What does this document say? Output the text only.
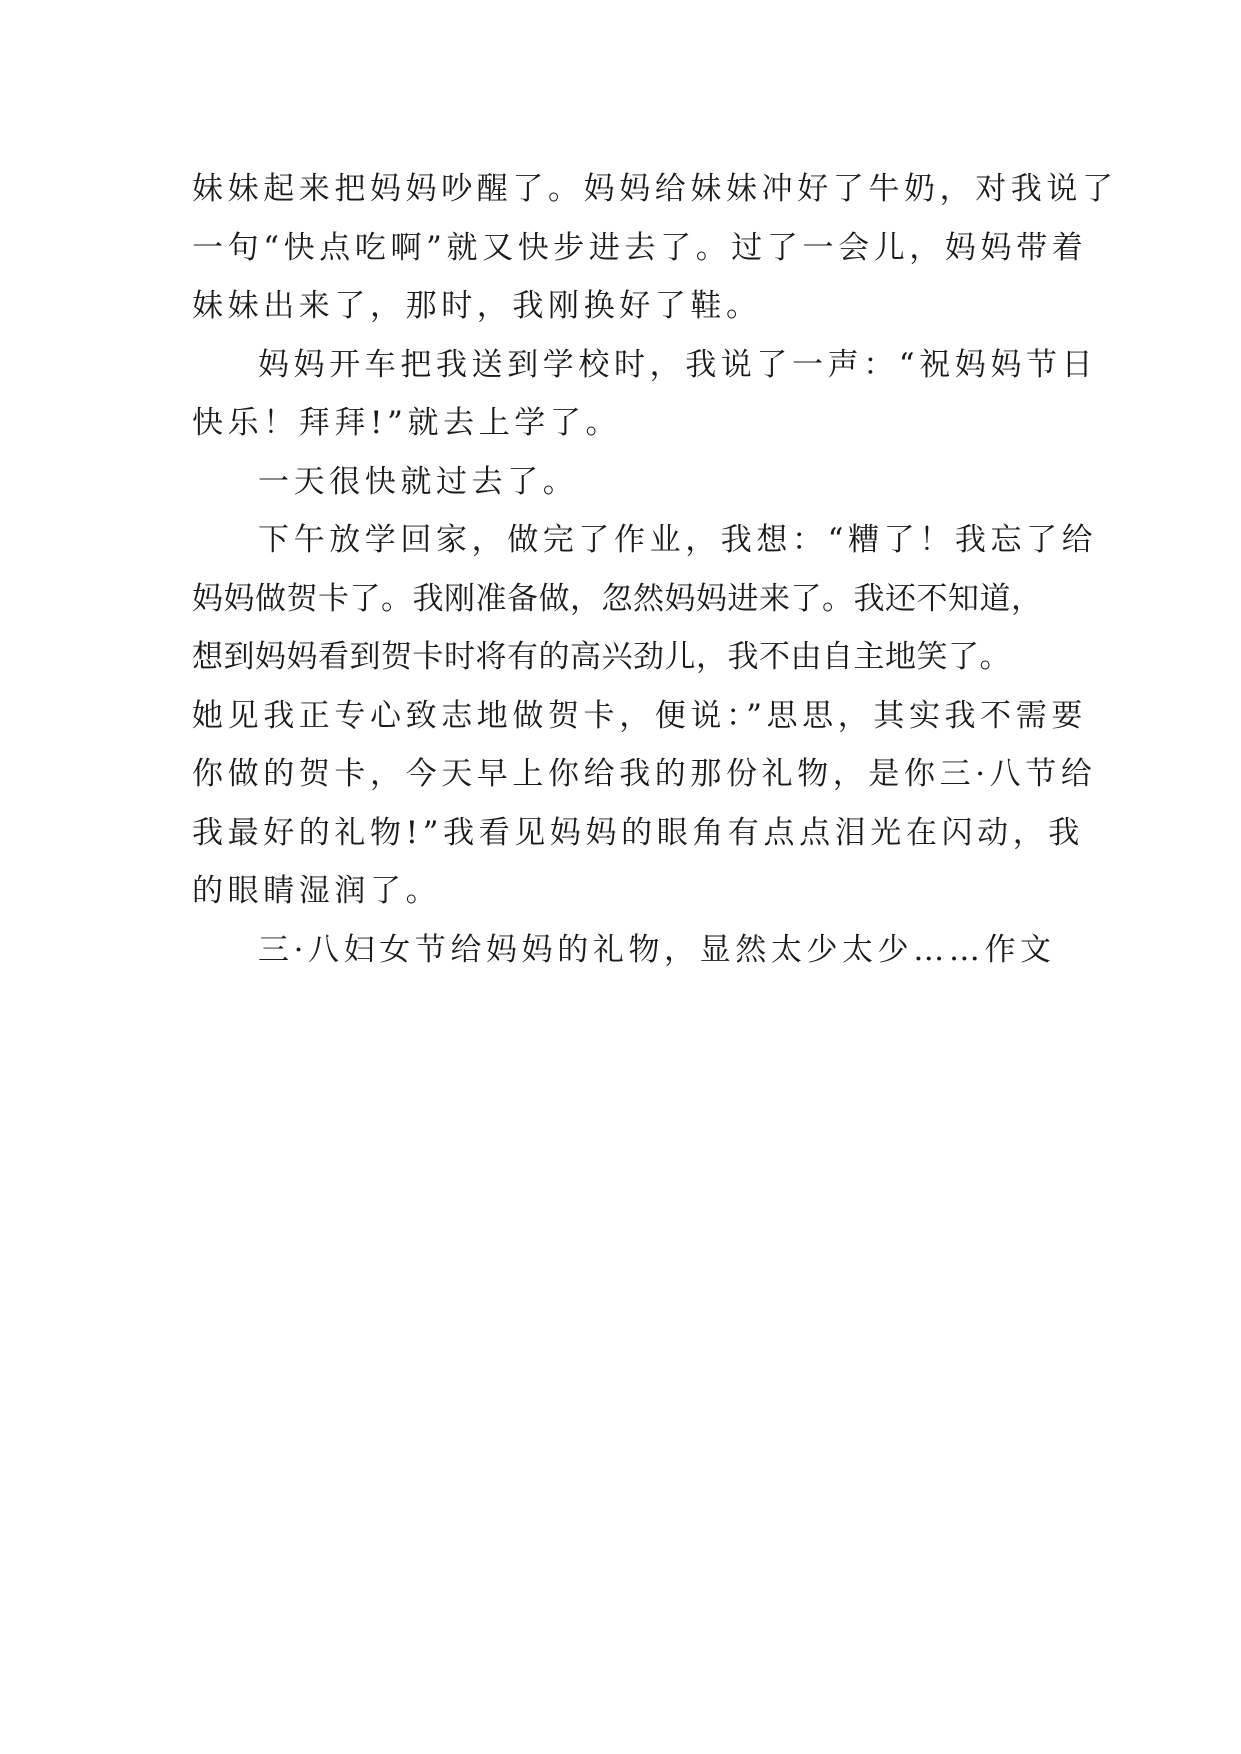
妹妹起来把妈妈吵醒了。妈妈给妹妹冲好了牛奶，对我说了
一句“快点吃啊”就又快步进去了。过了一会儿，妈妈带着
妹妹出来了，那时，我刚换好了鞋。
妈妈开车把我送到学校时，我说了一声：“祝妈妈节日
快乐！拜拜!”就去上学了。
一天很快就过去了。
下午放学回家，做完了作业，我想：“糟了！我忘了给
妈妈做贺卡了。我刚准备做，忽然妈妈进来了。我还不知道，
想到妈妈看到贺卡时将有的高兴劲儿，我不由自主地笑了。
她见我正专心致志地做贺卡，便说：”思思，其实我不需要
你做的贺卡，今天早上你给我的那份礼物，是你三·八节给
我最好的礼物!”我看见妈妈的眼角有点点泪光在闪动，我
的眼睛湿润了。
三·八妇女节给妈妈的礼物，显然太少太少……作文
